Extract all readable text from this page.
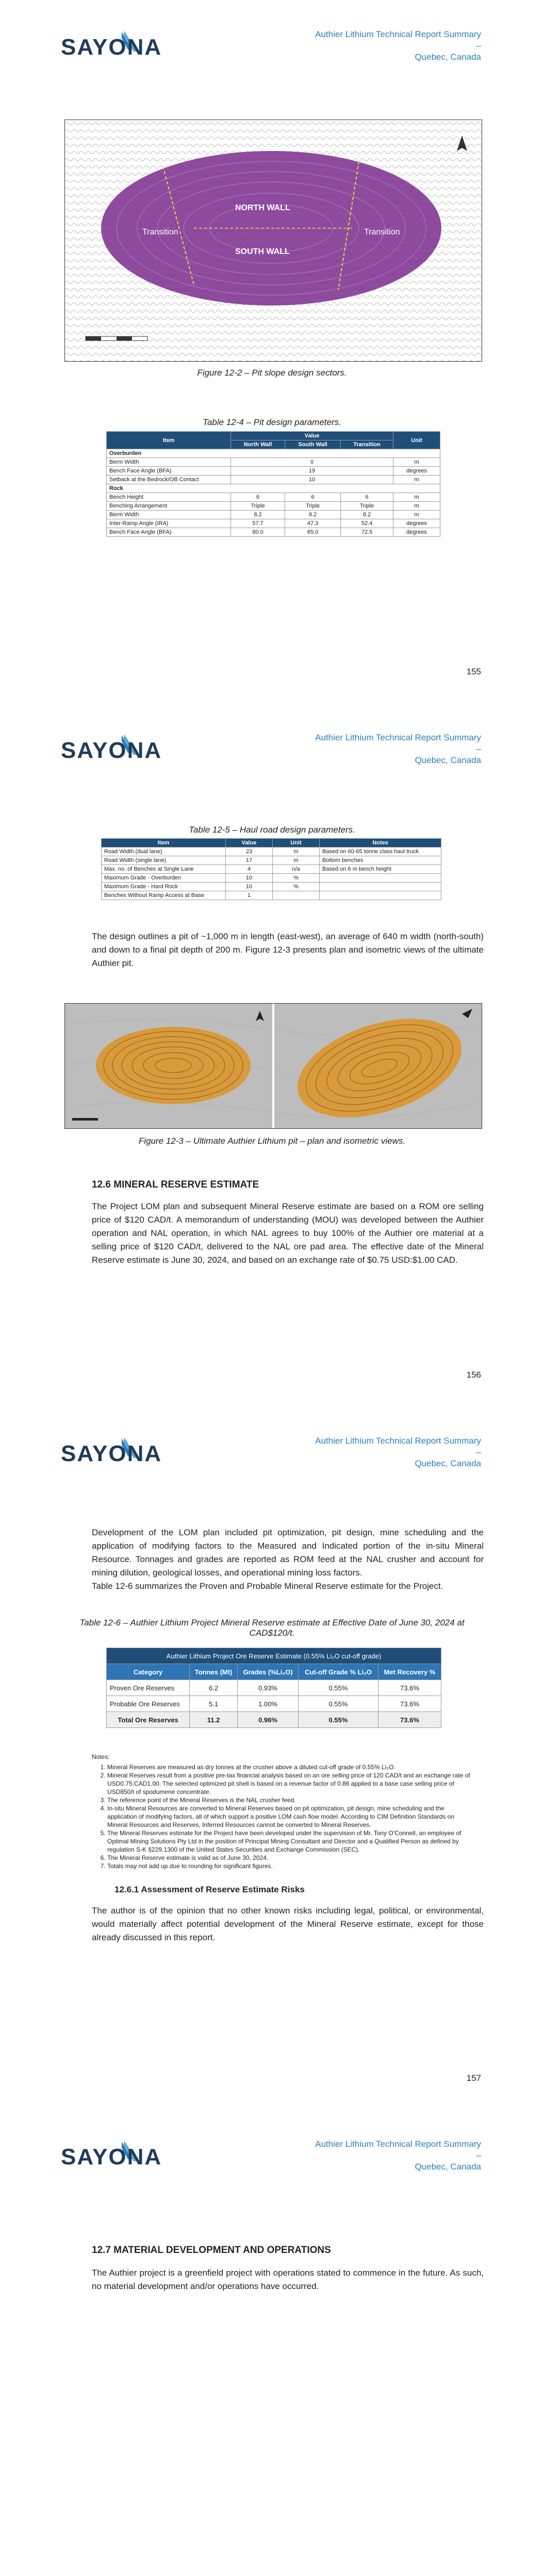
SAYONA
Authier Lithium Technical Report Summary –
Quebec, Canada
NORTH WALL
SOUTH WALL
Transition	Transition
Figure 12-2 – Pit slope design sectors.
Table 12-4 – Pit design parameters.
Item	Value			Unit
	North Wall	South Wall	Transition	
Overburden				
Berm Width	0			m
Bench Face Angle (BFA)	19			degrees
Setback at the Bedrock/OB Contact	10			m
Rock				
Bench Height	6	6	6	m
Benching Arrangement	Triple	Triple	Triple	m
Berm Width	8.2	8.2	8.2	m
Inter-Ramp Angle (IRA)	57.7	47.3	52.4	degrees
Bench Face Angle (BFA)	80.0	65.0	72.5	degrees
155
SAYONA
Authier Lithium Technical Report Summary –
Quebec, Canada
Table 12-5 – Haul road design parameters.
Item	Value	Unit	Notes
Road Width (dual lane)	23	m	Based on 60-65 tonne class haul truck
Road Width (single lane)	17	m	Bottom benches
Max. no. of Benches at Single Lane	4	n/a	Based on 6 m bench height
Maximum Grade - Overburden	10	%	
Maximum Grade - Hard Rock	10	%	
Benches Without Ramp Access at Base	1		
The design outlines a pit of ~1,000 m in length (east-west), an average of 640 m width (north-south) and down to a final pit depth of 200 m. Figure 12-3 presents plan and isometric views of the ultimate Authier pit.
Figure 12-3 – Ultimate Authier Lithium pit – plan and isometric views.
12.6 MINERAL RESERVE ESTIMATE
The Project LOM plan and subsequent Mineral Reserve estimate are based on a ROM ore selling price of $120 CAD/t. A memorandum of understanding (MOU) was developed between the Authier operation and NAL operation, in which NAL agrees to buy 100% of the Authier ore material at a selling price of $120 CAD/t, delivered to the NAL ore pad area. The effective date of the Mineral Reserve estimate is June 30, 2024, and based on an exchange rate of $0.75 USD:$1.00 CAD.
156
SAYONA
Authier Lithium Technical Report Summary –
Quebec, Canada
Development of the LOM plan included pit optimization, pit design, mine scheduling and the application of modifying factors to the Measured and Indicated portion of the in-situ Mineral Resource. Tonnages and grades are reported as ROM feed at the NAL crusher and account for mining dilution, geological losses, and operational mining loss factors.
Table 12-6 summarizes the Proven and Probable Mineral Reserve estimate for the Project.
Table 12-6 – Authier Lithium Project Mineral Reserve estimate at Effective Date of June 30, 2024 at
CAD$120/t.
Authier Lithium Project Ore Reserve Estimate (0.55% Li₂O cut-off grade)				
Category	Tonnes (Mt)	Grades (%Li₂O)	Cut-off Grade % Li₂O	Met Recovery %
Proven Ore Reserves	6.2	0.93%	0.55%	73.6%
Probable Ore Reserves	5.1	1.00%	0.55%	73.6%
Total Ore Reserves	11.2	0.96%	0.55%	73.6%
Notes:
1. Mineral Reserves are measured as dry tonnes at the crusher above a diluted cut-off grade of 0.55% Li₂O.
2. Mineral Reserves result from a positive pre-tax financial analysis based on an ore selling price of 120 CAD/t and an exchange rate of USD0.75:CAD1.00. The selected optimized pit shell is based on a revenue factor of 0.86 applied to a base case selling price of USD850/t of spodumene concentrate.
3. The reference point of the Mineral Reserves is the NAL crusher feed.
4. In-situ Mineral Resources are converted to Mineral Reserves based on pit optimization, pit design, mine scheduling and the application of modifying factors, all of which support a positive LOM cash flow model. According to CIM Definition Standards on Mineral Resources and Reserves, Inferred Resources cannot be converted to Mineral Reserves.
5. The Mineral Reserves estimate for the Project have been developed under the supervision of Mr. Tony O'Connell, an employee of Optimal Mining Solutions Pty Ltd in the position of Principal Mining Consultant and Director and a Qualified Person as defined by regulation S-K §229.1300 of the United States Securities and Exchange Commission (SEC).
6. The Mineral Reserve estimate is valid as of June 30, 2024.
7. Totals may not add up due to rounding for significant figures.
12.6.1 Assessment of Reserve Estimate Risks
The author is of the opinion that no other known risks including legal, political, or environmental, would materially affect potential development of the Mineral Reserve estimate, except for those already discussed in this report.
157
SAYONA
Authier Lithium Technical Report Summary –
Quebec, Canada
12.7 MATERIAL DEVELOPMENT AND OPERATIONS
The Authier project is a greenfield project with operations stated to commence in the future. As such, no material development and/or operations have occurred.
